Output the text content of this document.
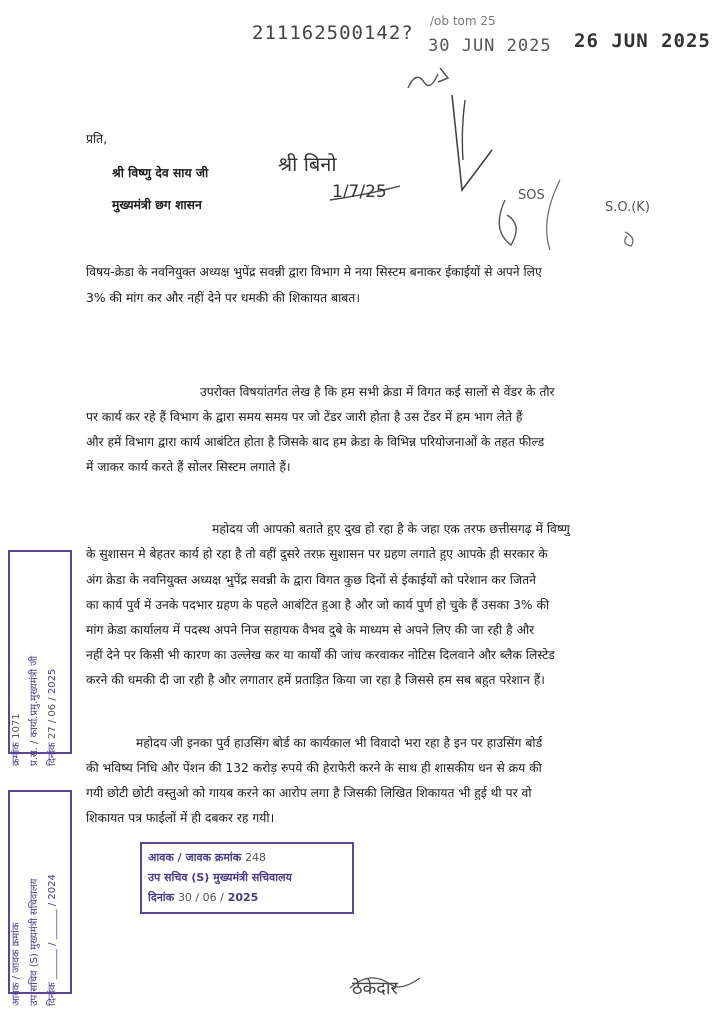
211162500142?
/ob tom 25
30 JUN 2025 26 JUN 2025
श्री बिनो
1/7/25	SOS
S.O.(K)
प्रति,
श्री विष्णु देव साय जी
मुख्यमंत्री छग शासन
विषय-क्रेडा के नवनियुक्त अध्यक्ष भुपेंद्र सवन्नी द्वारा विभाग मे नया सिस्टम बनाकर ईकाईयों से अपने लिए
3% की मांग कर और नहीं देने पर धमकी की शिकायत बाबत।
उपरोक्त विषयांतर्गत लेख है कि हम सभी क्रेडा में विगत कई सालों से वेंडर के तौर
पर कार्य कर रहे हैं विभाग के द्वारा समय समय पर जो टेंडर जारी होता है उस टेंडर में हम भाग लेते हैं
और हमें विभाग द्वारा कार्य आबंटित होता है जिसके बाद हम क्रेडा के विभिन्न परियोजनाओं के तहत फील्ड
में जाकर कार्य करते हैं सोलर सिस्टम लगाते हैं।
महोदय जी आपको बताते हुए दुख हो रहा है के जहा एक तरफ छत्तीसगढ़ में विष्णु
के सुशासन मे बेहतर कार्य हो रहा है तो वहीं दुसरे तरफ़ सुशासन पर ग्रहण लगाते हुए आपके ही सरकार के
अंग क्रेडा के नवनियुक्त अध्यक्ष भुपेंद्र सवन्नी के द्वारा विगत कुछ दिनों से ईकाईयों को परेशान कर जितने
का कार्य पुर्व में उनके पदभार ग्रहण के पहले आबंटित हुआ है और जो कार्य पुर्ण हो चुके हैं उसका 3% की
मांग क्रेडा कार्यालय में पदस्थ अपने निज सहायक वैभव दुबे के माध्यम से अपने लिए की जा रही है और
नहीं देने पर किसी भी कारण का उल्लेख कर या कार्यों की जांच करवाकर नोटिस दिलवाने और ब्लैक लिस्टेड
करने की धमकी दी जा रही है और लगातार हमें प्रताड़ित किया जा रहा है जिससे हम सब बहुत परेशान हैं।
महोदय जी इनका पुर्व हाउसिंग बोर्ड का कार्यकाल भी विवादो भरा रहा है इन पर हाउसिंग बोर्ड
की भविष्य निधि और पेंशन की 132 करोड़ रुपये की हेराफेरी करने के साथ ही शासकीय धन से क्रय की
गयी छोटी छोटी वस्तुओ को गायब करने का आरोप लगा है जिसकी लिखित शिकायत भी हुई थी पर वो
शिकायत पत्र फाईलों में ही दबकर रह गयी।
क्रमांक 1071 प्र.स. / कार्या.प्रमु.मुख्यमंत्री जी दिनांक 27 / 06 / 2025
आवक / जावक क्रमांक उप सचिव (S) मुख्यमंत्री सचिवालय दिनांक ______ / ______ / 2024
आवक / जावक क्रमांक 248
उप सचिव (S) मुख्यमंत्री सचिवालय
दिनांक 30 / 06 / 2025
ठेकेदार
